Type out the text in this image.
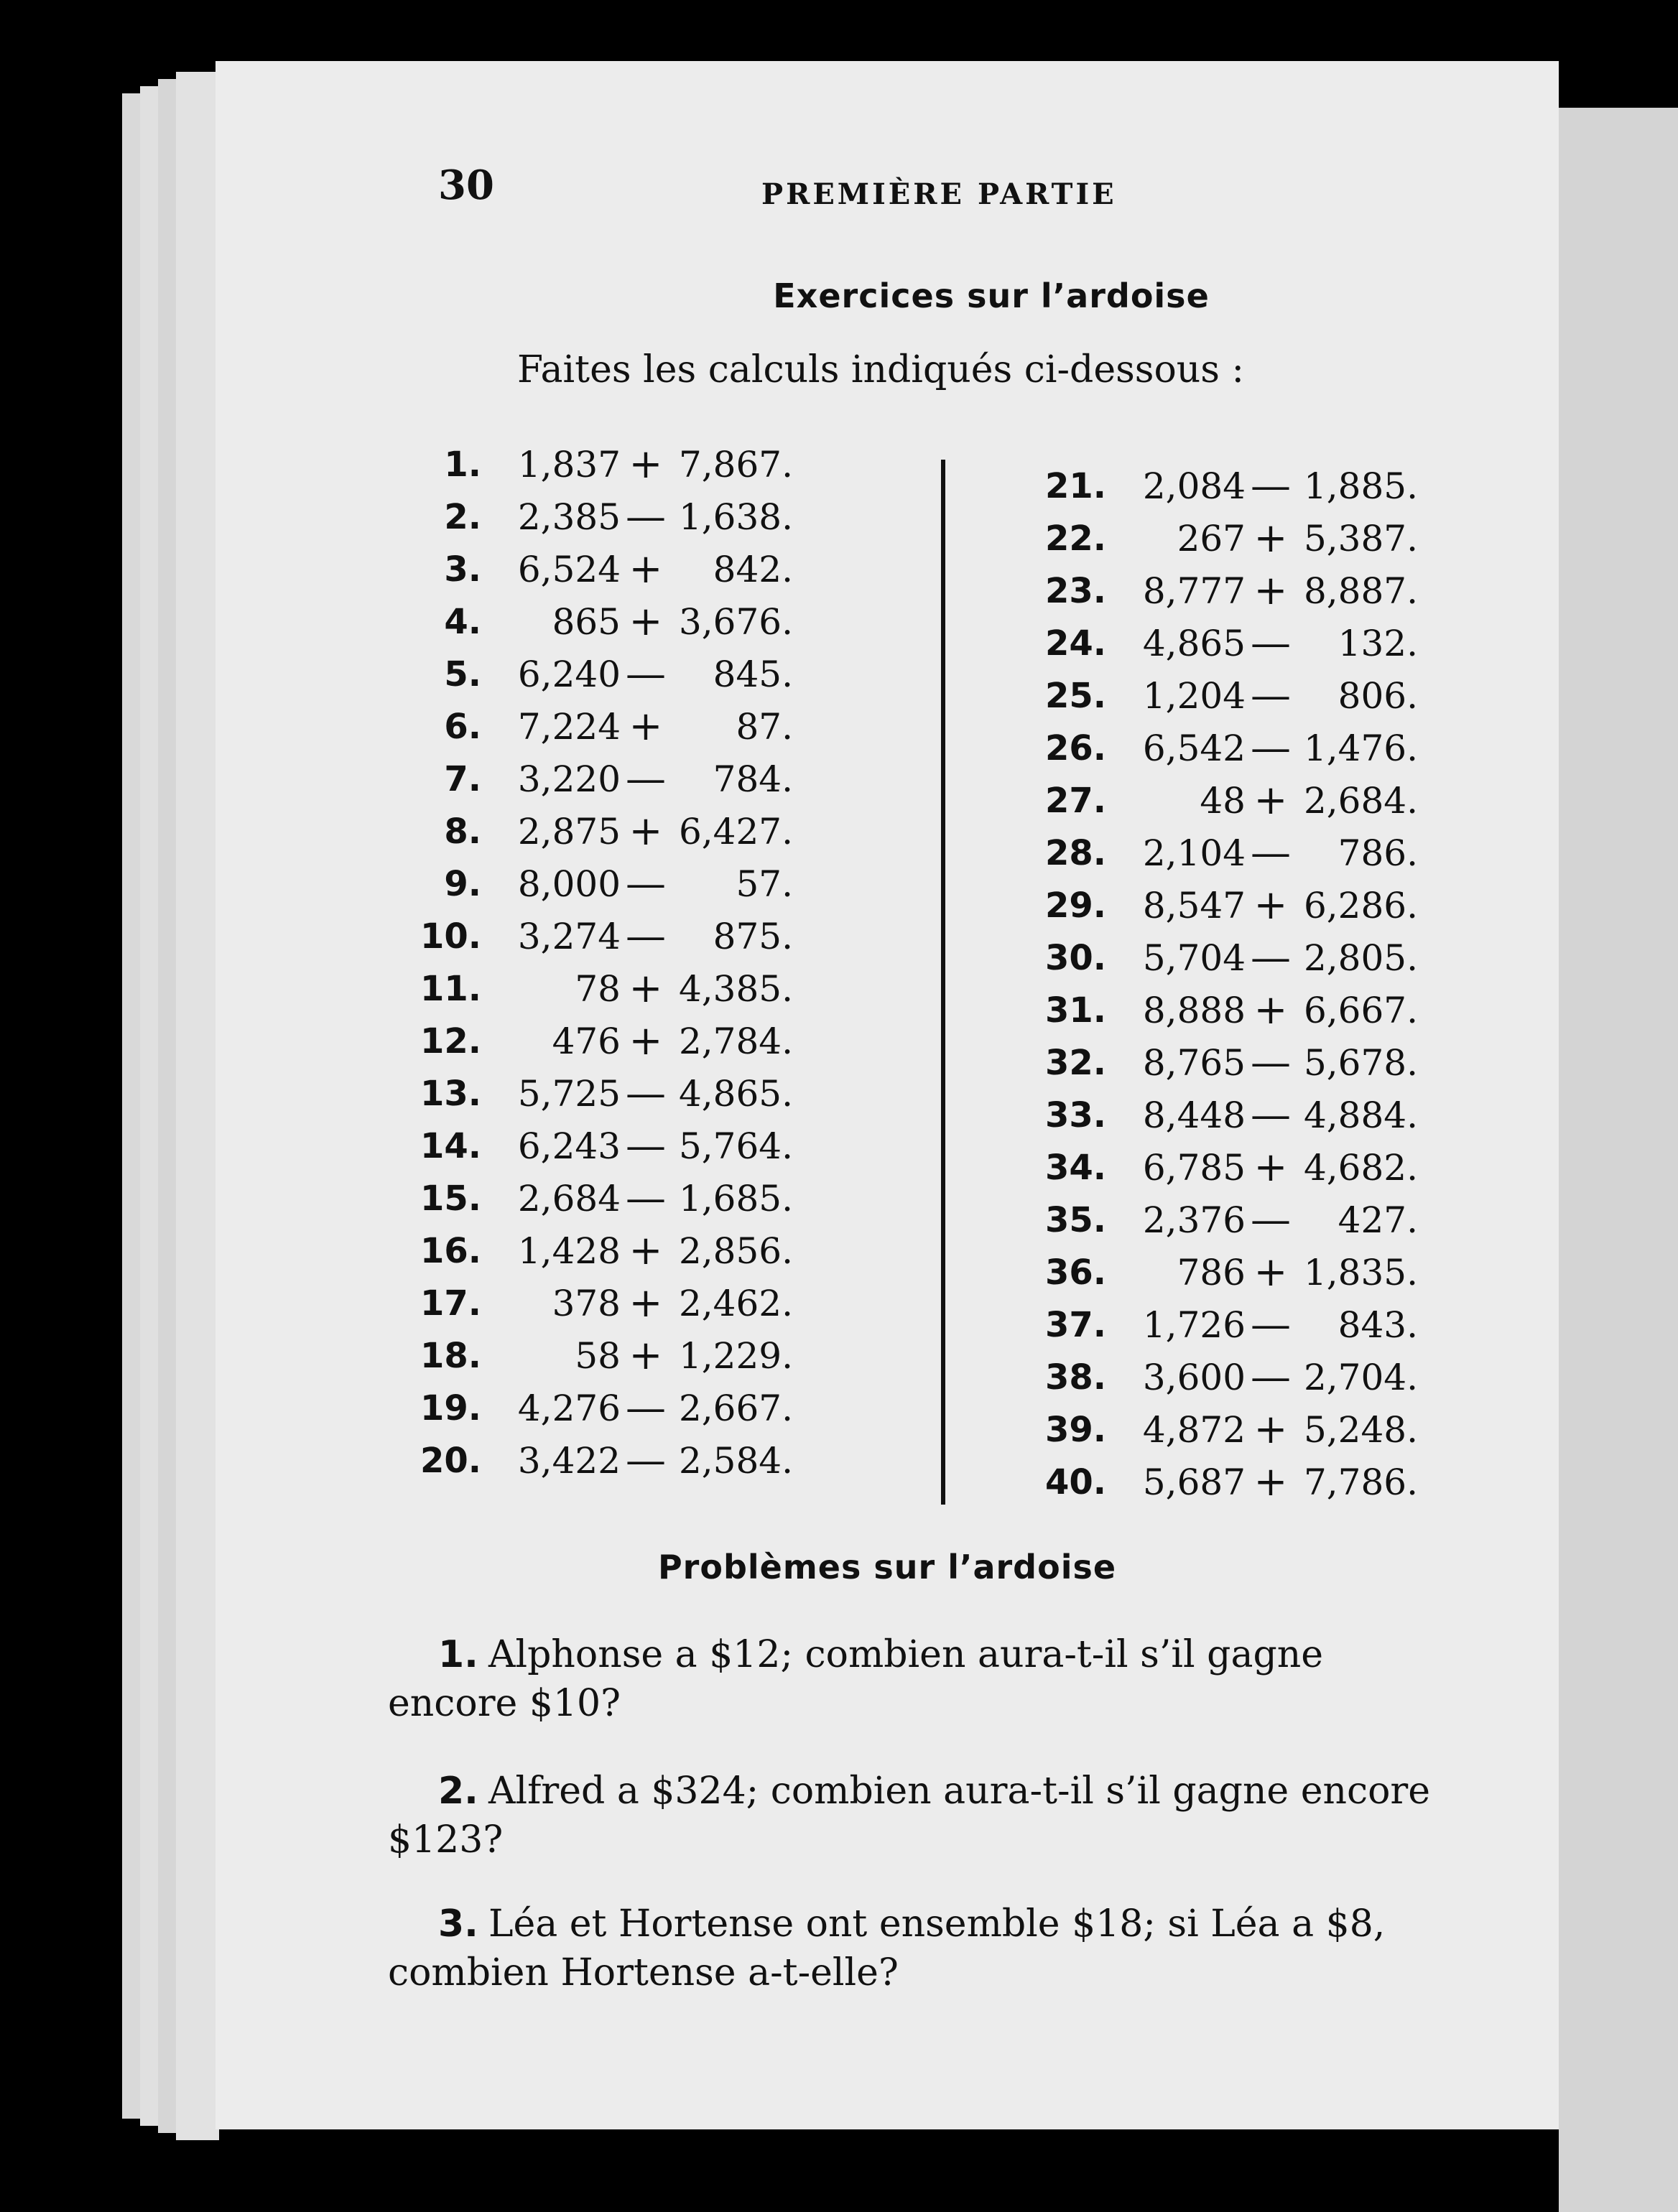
30	PREMIÈRE PARTIE
Exercices sur l’ardoise
Faites les calculs indiqués ci-dessous :
1.	1,837 + 7,867.
2.	2,385 — 1,638.
3.	6,524 +	842.
4.	865 + 3,676.
5.	6,240 —	845.
6.	7,224 +	87.
7.	3,220 —	784.
8.	2,875 + 6,427.
9.	8,000 —	57.
10.	3,274 —	875.
11.	78 + 4,385.
12.	476 + 2,784.
13.	5,725 — 4,865.
14.	6,243 — 5,764.
15.	2,684 — 1,685.
16.	1,428 + 2,856.
17.	378 + 2,462.
18.	58 + 1,229.
19.	4,276 — 2,667.
20.	3,422 — 2,584.
21.	2,084 — 1,885.
22.	267 + 5,387.
23.	8,777 + 8,887.
24.	4,865 —	132.
25.	1,204 —	806.
26.	6,542 — 1,476.
27.	48 + 2,684.
28.	2,104 —	786.
29.	8,547 + 6,286.
30.	5,704 — 2,805.
31.	8,888 + 6,667.
32.	8,765 — 5,678.
33.	8,448 — 4,884.
34.	6,785 + 4,682.
35.	2,376 —	427.
36.	786 + 1,835.
37.	1,726 —	843.
38.	3,600 — 2,704.
39.	4,872 + 5,248.
40.	5,687 + 7,786.
Problèmes sur l’ardoise
1. Alphonse a $12; combien aura-t-il s’il gagne encore $10?
2. Alfred a $324; combien aura-t-il s’il gagne encore $123?
3. Léa et Hortense ont ensemble $18; si Léa a $8, combien Hortense a-t-elle?
